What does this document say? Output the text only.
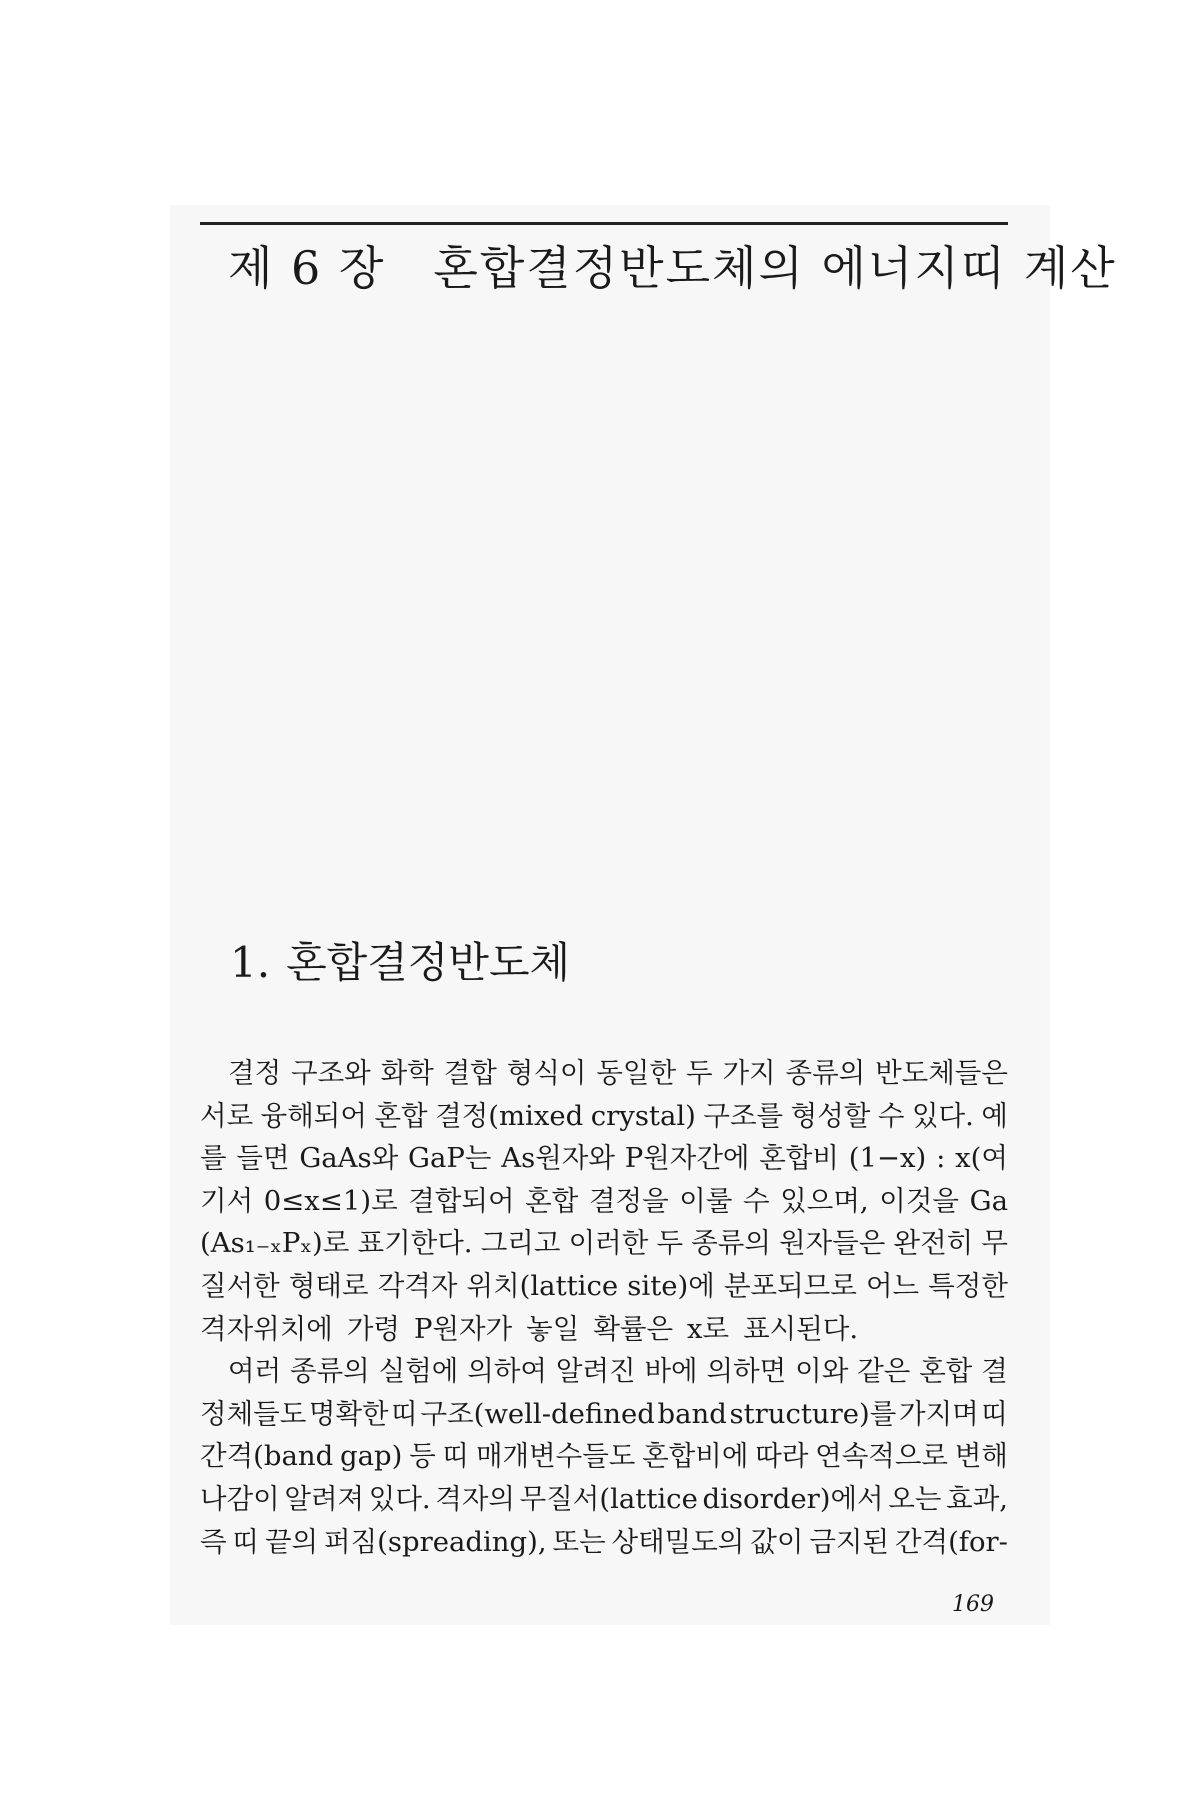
제 6 장 혼합결정반도체의 에너지띠 계산
1. 혼합결정반도체
결정 구조와 화학 결합 형식이 동일한 두 가지 종류의 반도체들은
서로 융해되어 혼합 결정(mixed crystal) 구조를 형성할 수 있다. 예
를 들면 GaAs와 GaP는 As원자와 P원자간에 혼합비 (1−x) : x(여
기서 0≤x≤1)로 결합되어 혼합 결정을 이룰 수 있으며, 이것을 Ga
(As₁₋ₓPₓ)로 표기한다. 그리고 이러한 두 종류의 원자들은 완전히 무
질서한 형태로 각격자 위치(lattice site)에 분포되므로 어느 특정한
격자위치에 가령 P원자가 놓일 확률은 x로 표시된다.
여러 종류의 실험에 의하여 알려진 바에 의하면 이와 같은 혼합 결
정체들도 명확한 띠 구조(well-defined band structure)를 가지며 띠
간격(band gap) 등 띠 매개변수들도 혼합비에 따라 연속적으로 변해
나감이 알려져 있다. 격자의 무질서(lattice disorder)에서 오는 효과,
즉 띠 끝의 퍼짐(spreading), 또는 상태밀도의 값이 금지된 간격(for-
169
